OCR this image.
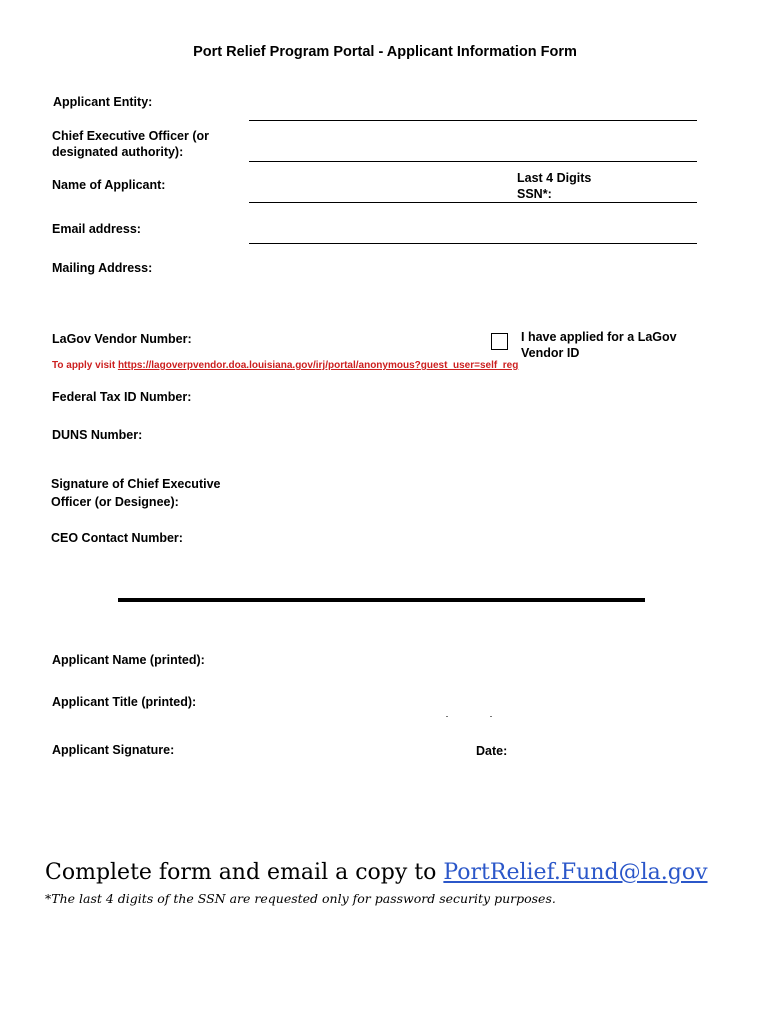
Port Relief Program Portal - Applicant Information Form
Applicant Entity:
Chief Executive Officer (or
designated authority):
Name of Applicant:	Last 4 Digits
SSN*:
Email address:
Mailing Address:
LaGov Vendor Number:	I have applied for a LaGov
Vendor ID
To apply visit https://lagoverpvendor.doa.louisiana.gov/irj/portal/anonymous?guest_user=self_reg
Federal Tax ID Number:
DUNS Number:
Signature of Chief Executive
Officer (or Designee):
CEO Contact Number:
Applicant Name (printed):
Applicant Title (printed):
Applicant Signature:	Date:
Complete form and email a copy to PortRelief.Fund@la.gov
*The last 4 digits of the SSN are requested only for password security purposes.
